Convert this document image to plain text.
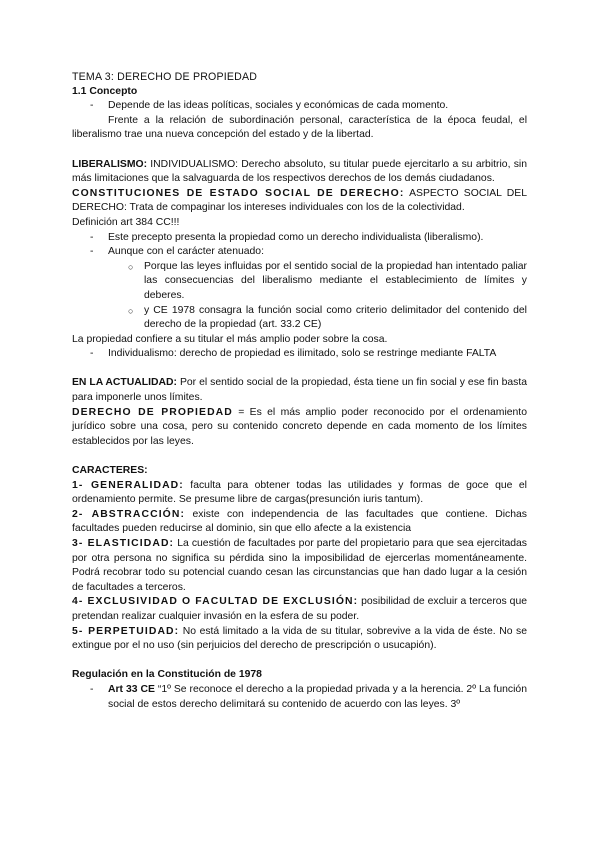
TEMA 3: DERECHO DE PROPIEDAD

1.1 Concepto

- Depende de las ideas políticas, sociales y económicas de cada momento.

Frente a la relación de subordinación personal, característica de la época feudal, el liberalismo trae una nueva concepción del estado y de la libertad.

LIBERALISMO: INDIVIDUALISMO: Derecho absoluto, su titular puede ejercitarlo a su arbitrio, sin más limitaciones que la salvaguarda de los respectivos derechos de los demás ciudadanos.

CONSTITUCIONES DE ESTADO SOCIAL DE DERECHO: ASPECTO SOCIAL DEL DERECHO: Trata de compaginar los intereses individuales con los de la colectividad.

Definición art 384 CC!!!

- Este precepto presenta la propiedad como un derecho individualista (liberalismo).

- Aunque con el carácter atenuado:

○ Porque las leyes influidas por el sentido social de la propiedad han intentado paliar las consecuencias del liberalismo mediante el establecimiento de límites y deberes.

○ y CE 1978 consagra la función social como criterio delimitador del contenido del derecho de la propiedad (art. 33.2 CE)

La propiedad confiere a su titular el más amplio poder sobre la cosa.

- Individualismo: derecho de propiedad es ilimitado, solo se restringe mediante FALTA

EN LA ACTUALIDAD: Por el sentido social de la propiedad, ésta tiene un fin social y ese fin basta para imponerle unos límites.

DERECHO DE PROPIEDAD = Es el más amplio poder reconocido por el ordenamiento jurídico sobre una cosa, pero su contenido concreto depende en cada momento de los límites establecidos por las leyes.

CARACTERES:

1- GENERALIDAD: faculta para obtener todas las utilidades y formas de goce que el ordenamiento permite. Se presume libre de cargas(presunción iuris tantum).

2- ABSTRACCIÓN: existe con independencia de las facultades que contiene. Dichas facultades pueden reducirse al dominio, sin que ello afecte a la existencia

3- ELASTICIDAD: La cuestión de facultades por parte del propietario para que sea ejercitadas por otra persona no significa su pérdida sino la imposibilidad de ejercerlas momentáneamente. Podrá recobrar todo su potencial cuando cesan las circunstancias que han dado lugar a la cesión de facultades a terceros.

4- EXCLUSIVIDAD O FACULTAD DE EXCLUSIÓN: posibilidad de excluir a terceros que pretendan realizar cualquier invasión en la esfera de su poder.

5- PERPETUIDAD: No está limitado a la vida de su titular, sobrevive a la vida de éste. No se extingue por el no uso (sin perjuicios del derecho de prescripción o usucapión).

Regulación en la Constitución de 1978

- Art 33 CE “1º Se reconoce el derecho a la propiedad privada y a la herencia. 2º La función social de estos derecho delimitará su contenido de acuerdo con las leyes. 3º
